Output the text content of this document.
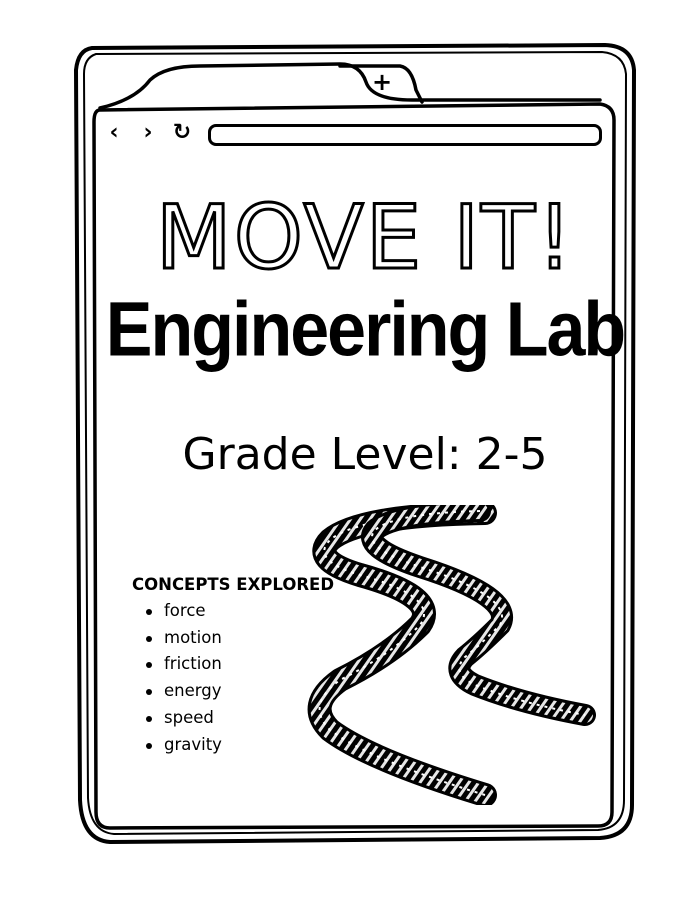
‹ › ↻
+
MOVE IT!
Engineering Lab
Grade Level: 2-5
CONCEPTS EXPLORED
force
motion
friction
energy
speed
gravity
